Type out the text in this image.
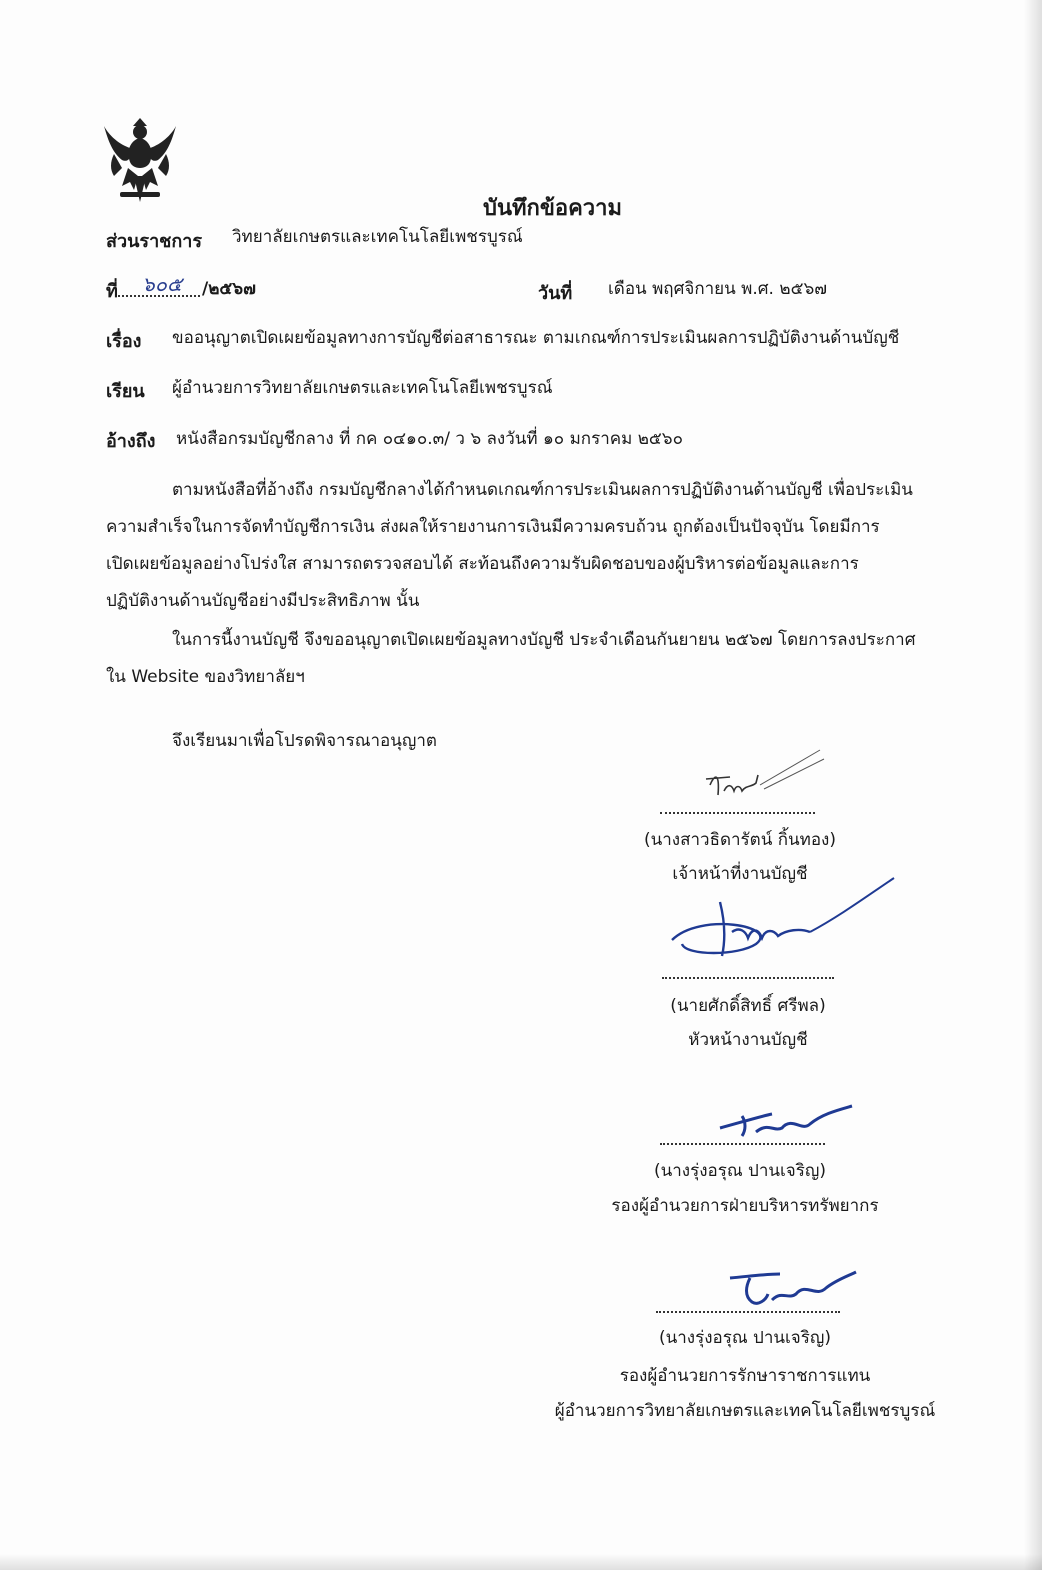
บันทึกข้อความ
ส่วนราชการ วิทยาลัยเกษตรและเทคโนโลยีเพชรบูรณ์
ที่ ๖๐๕ /๒๕๖๗	วันที่ เดือน พฤศจิกายน พ.ศ. ๒๕๖๗
เรื่อง ขออนุญาตเปิดเผยข้อมูลทางการบัญชีต่อสาธารณะ ตามเกณฑ์การประเมินผลการปฏิบัติงานด้านบัญชี
เรียน ผู้อำนวยการวิทยาลัยเกษตรและเทคโนโลยีเพชรบูรณ์
อ้างถึง หนังสือกรมบัญชีกลาง ที่ กค ๐๔๑๐.๓/ ว ๖ ลงวันที่ ๑๐ มกราคม ๒๕๖๐
ตามหนังสือที่อ้างถึง กรมบัญชีกลางได้กำหนดเกณฑ์การประเมินผลการปฏิบัติงานด้านบัญชี เพื่อประเมิน
ความสำเร็จในการจัดทำบัญชีการเงิน ส่งผลให้รายงานการเงินมีความครบถ้วน ถูกต้องเป็นปัจจุบัน โดยมีการ
เปิดเผยข้อมูลอย่างโปร่งใส สามารถตรวจสอบได้ สะท้อนถึงความรับผิดชอบของผู้บริหารต่อข้อมูลและการ
ปฏิบัติงานด้านบัญชีอย่างมีประสิทธิภาพ นั้น
ในการนี้งานบัญชี จึงขออนุญาตเปิดเผยข้อมูลทางบัญชี ประจำเดือนกันยายน ๒๕๖๗ โดยการลงประกาศ
ใน Website ของวิทยาลัยฯ
จึงเรียนมาเพื่อโปรดพิจารณาอนุญาต
(นางสาวธิดารัตน์ กิ้นทอง)
เจ้าหน้าที่งานบัญชี
(นายศักดิ์สิทธิ์ ศรีพล)
หัวหน้างานบัญชี
(นางรุ่งอรุณ ปานเจริญ)
รองผู้อำนวยการฝ่ายบริหารทรัพยากร
(นางรุ่งอรุณ ปานเจริญ)
รองผู้อำนวยการรักษาราชการแทน
ผู้อำนวยการวิทยาลัยเกษตรและเทคโนโลยีเพชรบูรณ์
